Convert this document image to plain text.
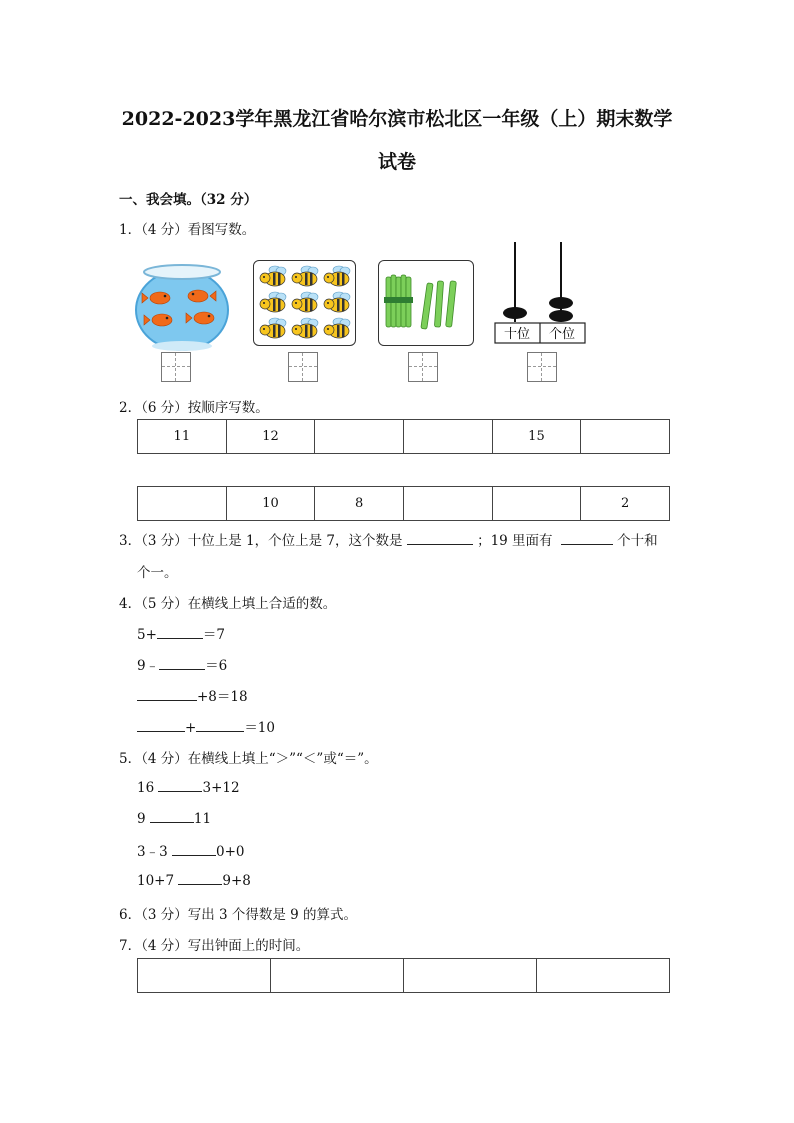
2022-2023学年黑龙江省哈尔滨市松北区一年级（上）期末数学
试卷
一、我会填。（32 分）
1．（4 分）看图写数。
十位 个位
2．（6 分）按顺序写数。
11	12			15	
	10	8			2
3．（3 分）十位上是 1，个位上是 7，这个数是	；19 里面有	个十和
个一。
4．（5 分）在横线上填上合适的数。
5+	＝7
9﹣	＝6
+8＝18
+	＝10
5．（4 分）在横线上填上“＞”“＜”或“＝”。
16	3+12
9	11
3﹣3	0+0
10+7	9+8
6．（3 分）写出 3 个得数是 9 的算式。
7．（4 分）写出钟面上的时间。
